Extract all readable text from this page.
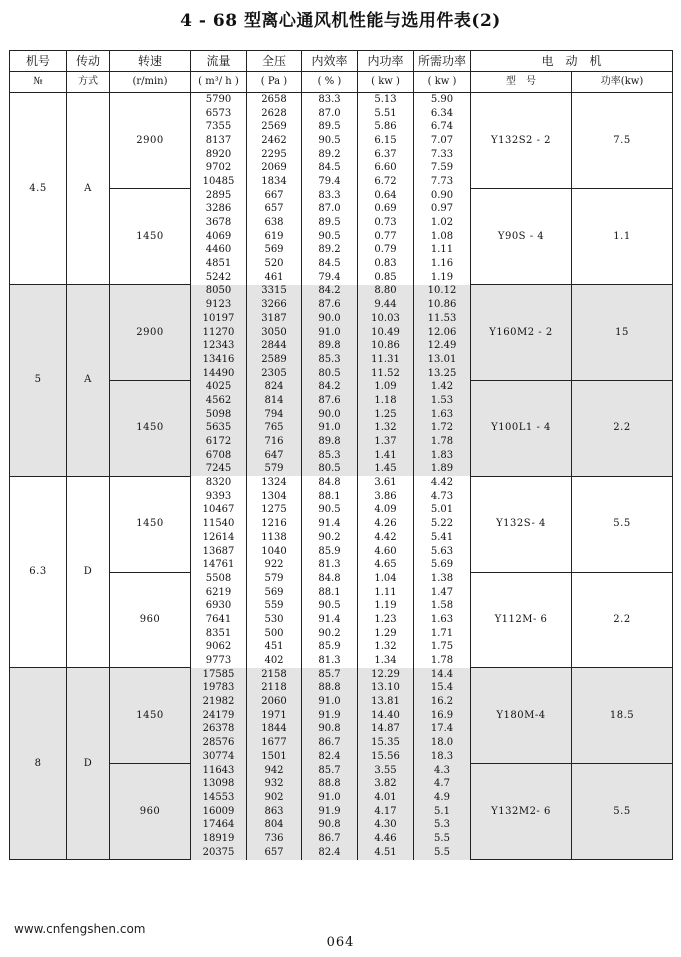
4 - 68 型离心通风机性能与选用件表(2)
机号	传动	转速	流量	全压	内效率	内功率	所需功率	电　动　机	
№	方式	(r/min)	( m³/ h )	( Pa )	( % )	( kw )	( kw )	型　号	功率(kw)
4.5	A	2900	5790	2658	83.3	5.13	5.90	Y132S2 - 2	7.5
			6573	2628	87.0	5.51	6.34		
			7355	2569	89.5	5.86	6.74		
			8137	2462	90.5	6.15	7.07		
			8920	2295	89.2	6.37	7.33		
			9702	2069	84.5	6.60	7.59		
			10485	1834	79.4	6.72	7.73		
		1450	2895	667	83.3	0.64	0.90	Y90S - 4	1.1
			3286	657	87.0	0.69	0.97		
			3678	638	89.5	0.73	1.02		
			4069	619	90.5	0.77	1.08		
			4460	569	89.2	0.79	1.11		
			4851	520	84.5	0.83	1.16		
			5242	461	79.4	0.85	1.19		
5	A	2900	8050	3315	84.2	8.80	10.12	Y160M2 - 2	15
			9123	3266	87.6	9.44	10.86		
			10197	3187	90.0	10.03	11.53		
			11270	3050	91.0	10.49	12.06		
			12343	2844	89.8	10.86	12.49		
			13416	2589	85.3	11.31	13.01		
			14490	2305	80.5	11.52	13.25		
		1450	4025	824	84.2	1.09	1.42	Y100L1 - 4	2.2
			4562	814	87.6	1.18	1.53		
			5098	794	90.0	1.25	1.63		
			5635	765	91.0	1.32	1.72		
			6172	716	89.8	1.37	1.78		
			6708	647	85.3	1.41	1.83		
			7245	579	80.5	1.45	1.89		
6.3	D	1450	8320	1324	84.8	3.61	4.42	Y132S- 4	5.5
			9393	1304	88.1	3.86	4.73		
			10467	1275	90.5	4.09	5.01		
			11540	1216	91.4	4.26	5.22		
			12614	1138	90.2	4.42	5.41		
			13687	1040	85.9	4.60	5.63		
			14761	922	81.3	4.65	5.69		
		960	5508	579	84.8	1.04	1.38	Y112M- 6	2.2
			6219	569	88.1	1.11	1.47		
			6930	559	90.5	1.19	1.58		
			7641	530	91.4	1.23	1.63		
			8351	500	90.2	1.29	1.71		
			9062	451	85.9	1.32	1.75		
			9773	402	81.3	1.34	1.78		
8	D	1450	17585	2158	85.7	12.29	14.4	Y180M-4	18.5
			19783	2118	88.8	13.10	15.4		
			21982	2060	91.0	13.81	16.2		
			24179	1971	91.9	14.40	16.9		
			26378	1844	90.8	14.87	17.4		
			28576	1677	86.7	15.35	18.0		
			30774	1501	82.4	15.56	18.3		
		960	11643	942	85.7	3.55	4.3	Y132M2- 6	5.5
			13098	932	88.8	3.82	4.7		
			14553	902	91.0	4.01	4.9		
			16009	863	91.9	4.17	5.1		
			17464	804	90.8	4.30	5.3		
			18919	736	86.7	4.46	5.5		
			20375	657	82.4	4.51	5.5		
www.cnfengshen.com
064
